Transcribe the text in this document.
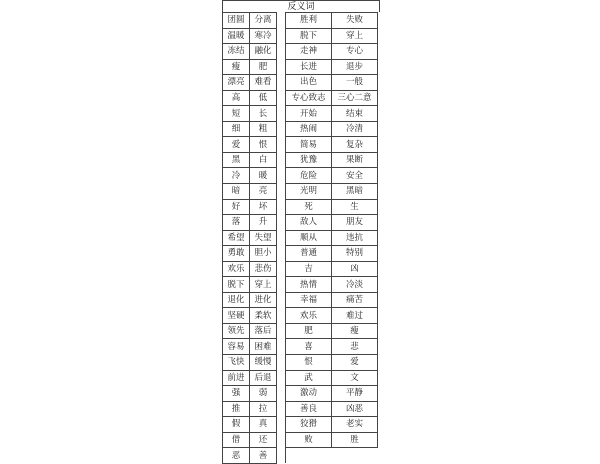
反义词
团圆	分离		胜利	失败
温暖	寒冷		脱下	穿上
冻结	融化		走神	专心
瘦	肥		长进	退步
漂亮	难看		出色	一般
高	低		专心致志	三心二意
短	长		开始	结束
细	粗		热闹	冷清
爱	恨		简易	复杂
黑	白		犹豫	果断
冷	暖		危险	安全
暗	亮		光明	黑暗
好	坏		死	生
落	升		敌人	朋友
希望	失望		顺从	违抗
勇敢	胆小		普通	特别
欢乐	悲伤		吉	凶
脱下	穿上		热情	冷淡
退化	进化		幸福	痛苦
坚硬	柔软		欢乐	难过
领先	落后		肥	瘦
容易	困难		喜	悲
飞快	缓慢		恨	爱
前进	后退		武	文
强	弱		激动	平静
推	拉		善良	凶恶
假	真		狡猾	老实
借	还		败	胜
恶	善			
